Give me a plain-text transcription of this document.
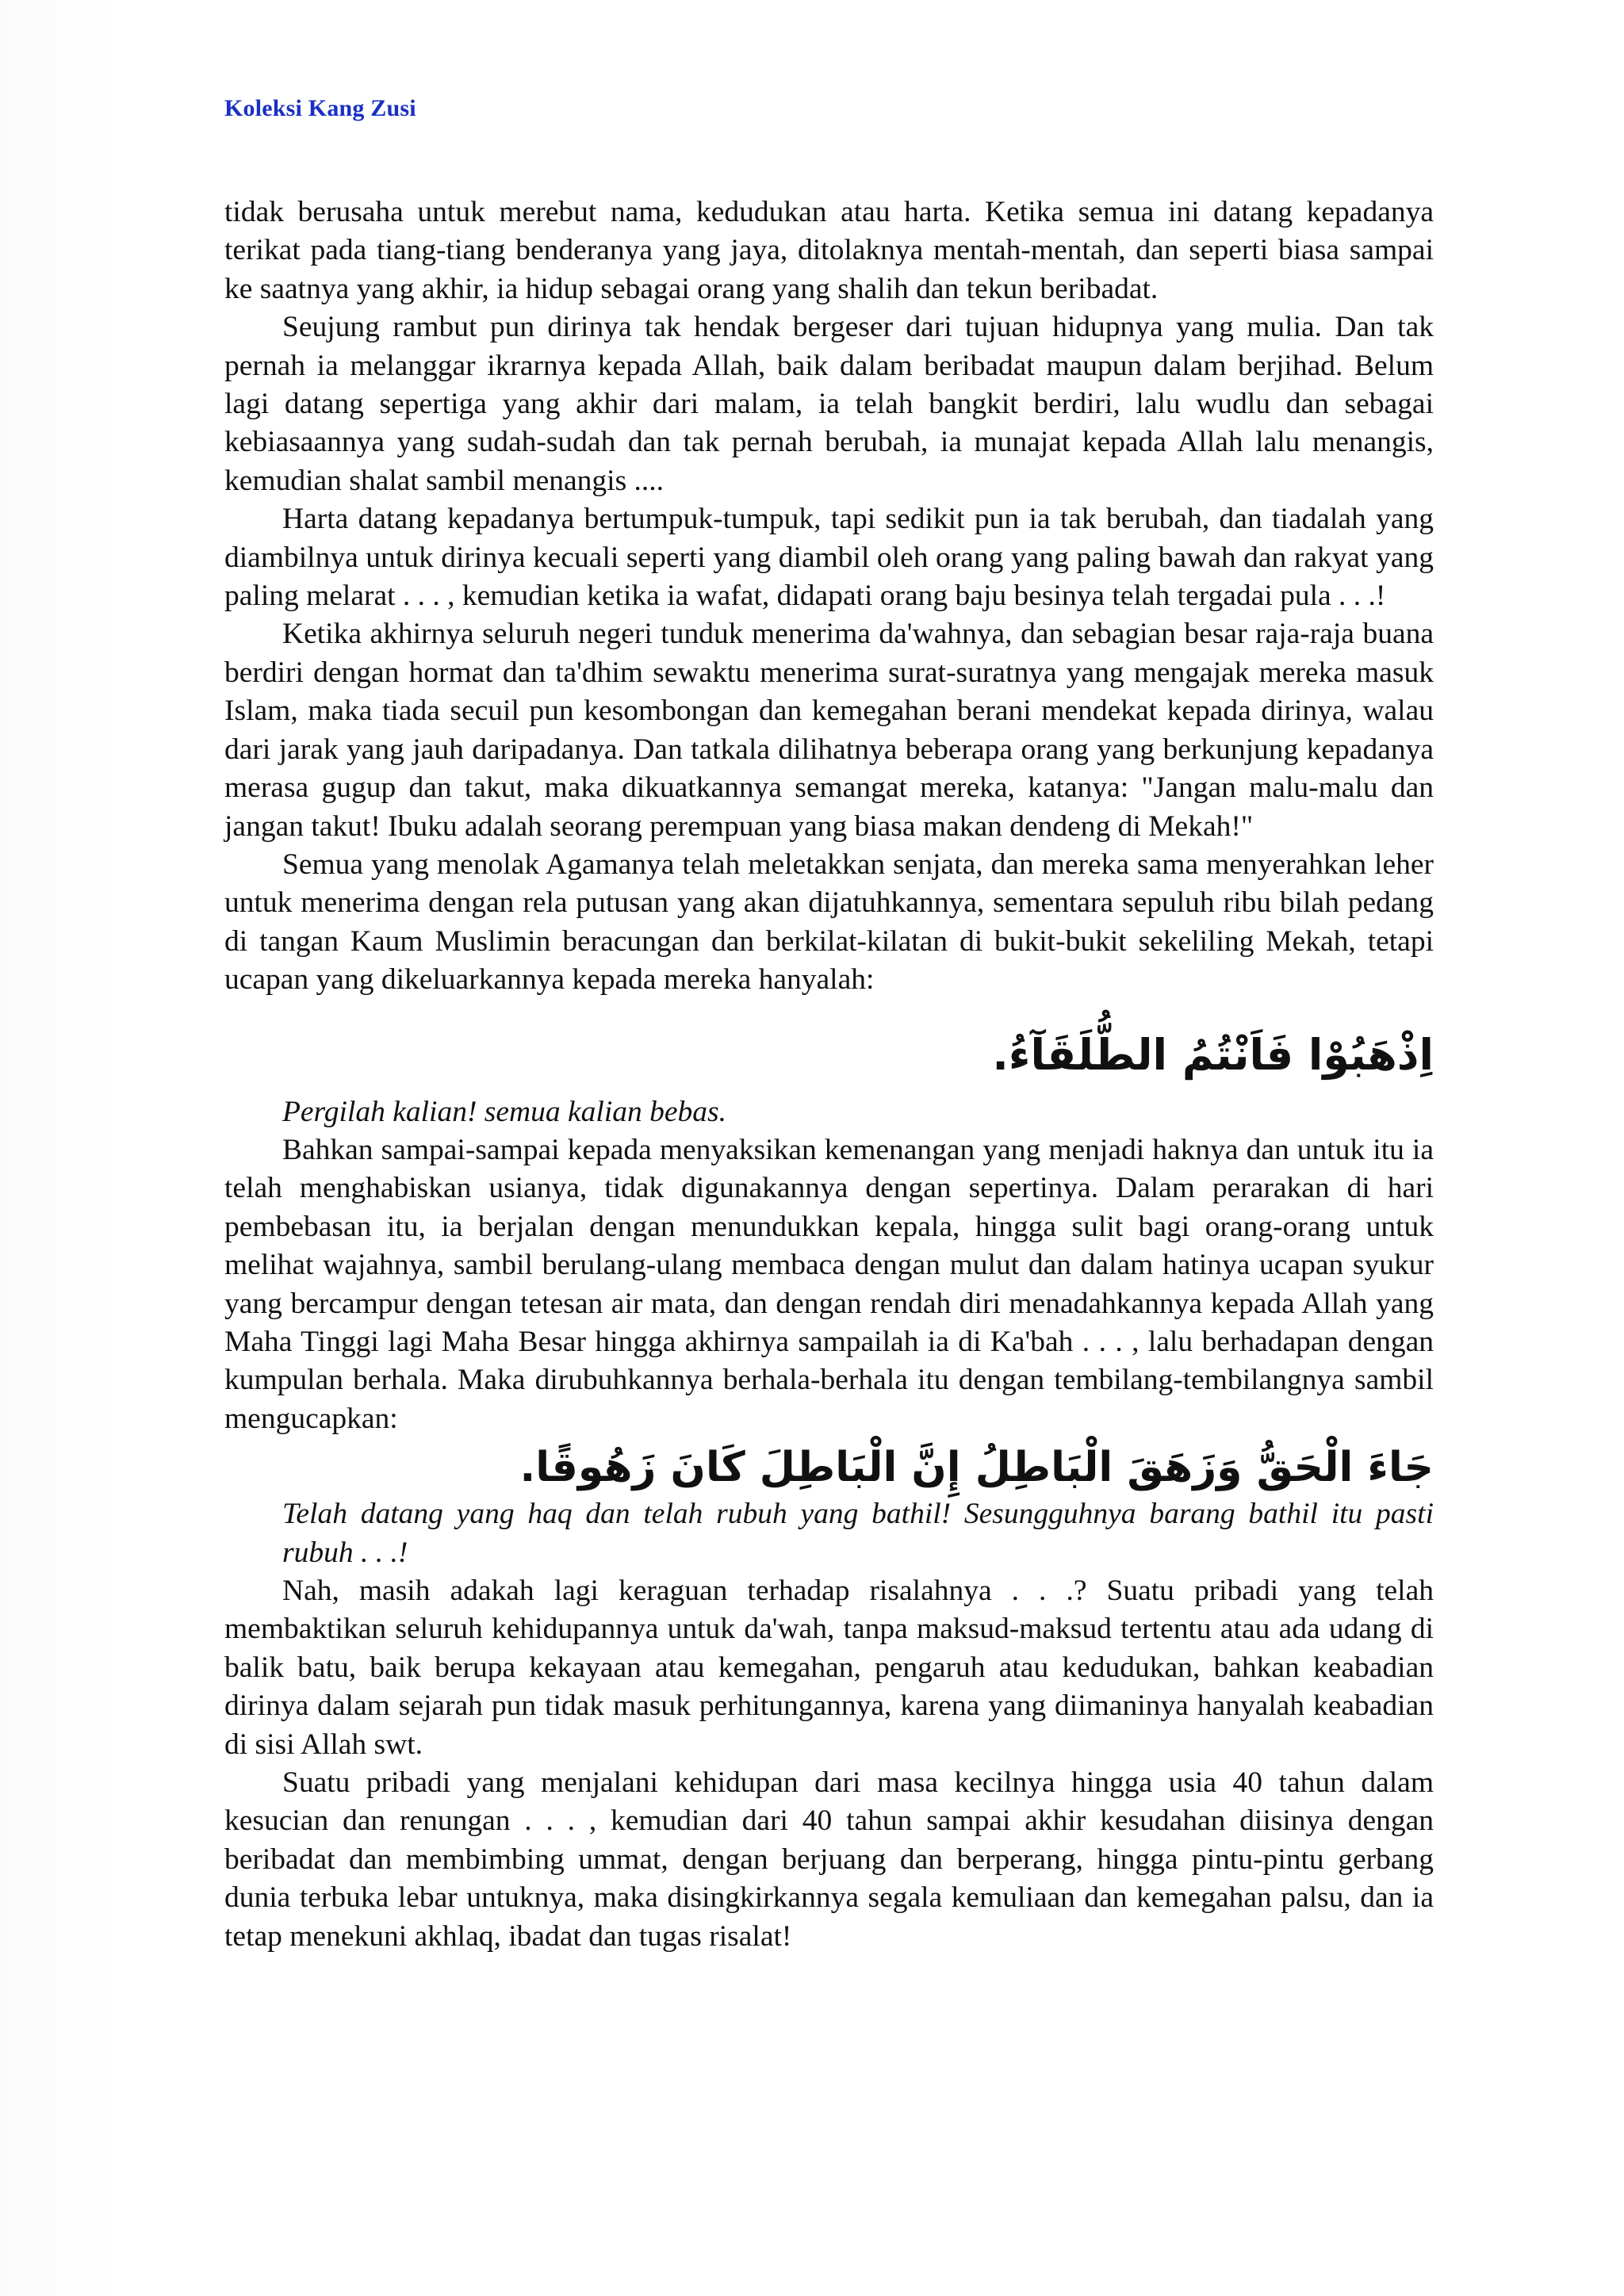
Koleksi Kang Zusi

tidak berusaha untuk merebut nama, kedudukan atau harta. Ketika semua ini datang kepadanya terikat pada tiang-tiang benderanya yang jaya, ditolaknya mentah-mentah, dan seperti biasa sampai ke saatnya yang akhir, ia hidup sebagai orang yang shalih dan tekun beribadat.

Seujung rambut pun dirinya tak hendak bergeser dari tujuan hidupnya yang mulia. Dan tak pernah ia melanggar ikrarnya kepada Allah, baik dalam beribadat maupun dalam berjihad. Belum lagi datang sepertiga yang akhir dari malam, ia telah bangkit berdiri, lalu wudlu dan sebagai kebiasaannya yang sudah-sudah dan tak pernah berubah, ia munajat kepada Allah lalu menangis, kemudian shalat sambil menangis ....

Harta datang kepadanya bertumpuk-tumpuk, tapi sedikit pun ia tak berubah, dan tiadalah yang diambilnya untuk dirinya kecuali seperti yang diambil oleh orang yang paling bawah dan rakyat yang paling melarat . . . , kemudian ketika ia wafat, didapati orang baju besinya telah tergadai pula . . .!

Ketika akhirnya seluruh negeri tunduk menerima da'wahnya, dan sebagian besar raja-raja buana berdiri dengan hormat dan ta'dhim sewaktu menerima surat-suratnya yang mengajak mereka masuk Islam, maka tiada secuil pun kesombongan dan kemegahan berani mendekat kepada dirinya, walau dari jarak yang jauh daripadanya. Dan tatkala dilihatnya beberapa orang yang berkunjung kepadanya merasa gugup dan takut, maka dikuatkannya semangat mereka, katanya: "Jangan malu-malu dan jangan takut! Ibuku adalah seorang perempuan yang biasa makan dendeng di Mekah!"

Semua yang menolak Agamanya telah meletakkan senjata, dan mereka sama menyerahkan leher untuk menerima dengan rela putusan yang akan dijatuhkannya, sementara sepuluh ribu bilah pedang di tangan Kaum Muslimin beracungan dan berkilat-kilatan di bukit-bukit sekeliling Mekah, tetapi ucapan yang dikeluarkannya kepada mereka hanyalah:

اِذْهَبُوْا فَاَنْتُمُ الطُّلَقَآءُ.

Pergilah kalian! semua kalian bebas.

Bahkan sampai-sampai kepada menyaksikan kemenangan yang menjadi haknya dan untuk itu ia telah menghabiskan usianya, tidak digunakannya dengan sepertinya. Dalam perarakan di hari pembebasan itu, ia berjalan dengan menundukkan kepala, hingga sulit bagi orang-orang untuk melihat wajahnya, sambil berulang-ulang membaca dengan mulut dan dalam hatinya ucapan syukur yang bercampur dengan tetesan air mata, dan dengan rendah diri menadahkannya kepada Allah yang Maha Tinggi lagi Maha Besar hingga akhirnya sampailah ia di Ka'bah . . . , lalu berhadapan dengan kumpulan berhala. Maka dirubuhkannya berhala-berhala itu dengan tembilang-tembilangnya sambil mengucapkan:

جَاءَ الْحَقُّ وَزَهَقَ الْبَاطِلُ إِنَّ الْبَاطِلَ كَانَ زَهُوقًا.

Telah datang yang haq dan telah rubuh yang bathil! Sesungguhnya barang bathil itu pasti rubuh . . .!

Nah, masih adakah lagi keraguan terhadap risalahnya . . .? Suatu pribadi yang telah membaktikan seluruh kehidupannya untuk da'wah, tanpa maksud-maksud tertentu atau ada udang di balik batu, baik berupa kekayaan atau kemegahan, pengaruh atau kedudukan, bahkan keabadian dirinya dalam sejarah pun tidak masuk perhitungannya, karena yang diimaninya hanyalah keabadian di sisi Allah swt.

Suatu pribadi yang menjalani kehidupan dari masa kecilnya hingga usia 40 tahun dalam kesucian dan renungan . . . , kemudian dari 40 tahun sampai akhir kesudahan diisinya dengan beribadat dan membimbing ummat, dengan berjuang dan berperang, hingga pintu-pintu gerbang dunia terbuka lebar untuknya, maka disingkirkannya segala kemuliaan dan kemegahan palsu, dan ia tetap menekuni akhlaq, ibadat dan tugas risalat!
